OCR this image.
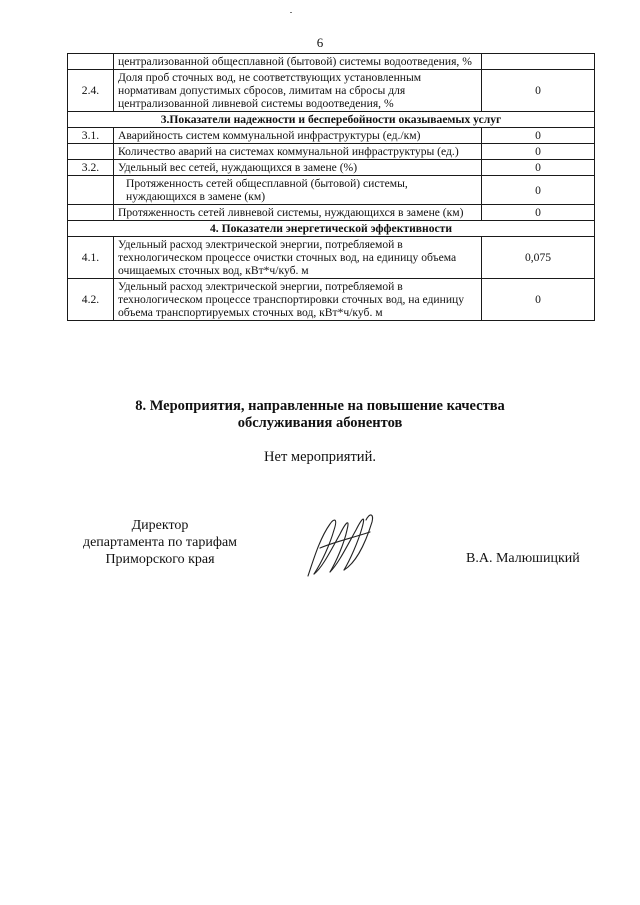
6
	централизованной общесплавной (бытовой) системы водоотведения, %	
2.4.	Доля проб сточных вод, не соответствующих установленным нормативам допустимых сбросов, лимитам на сбросы для централизованной ливневой системы водоотведения, %	0
3.Показатели надежности и бесперебойности оказываемых услуг		
3.1.	Аварийность систем коммунальной инфраструктуры (ед./км)	0
	Количество аварий на системах коммунальной инфраструктуры (ед.)	0
3.2.	Удельный вес сетей, нуждающихся в замене (%)	0
	Протяженность сетей общесплавной (бытовой) системы, нуждающихся в замене (км)	0
	Протяженность сетей ливневой системы, нуждающихся в замене (км)	0
4. Показатели энергетической эффективности		
4.1.	Удельный расход электрической энергии, потребляемой в технологическом процессе очистки сточных вод, на единицу объема очищаемых сточных вод, кВт*ч/куб. м	0,075
4.2.	Удельный расход электрической энергии, потребляемой в технологическом процессе транспортировки сточных вод, на единицу объема транспортируемых сточных вод, кВт*ч/куб. м	0
8. Мероприятия, направленные на повышение качества
обслуживания абонентов
Нет мероприятий.
Директор
департамента по тарифам
Приморского края	В.А. Малюшицкий
